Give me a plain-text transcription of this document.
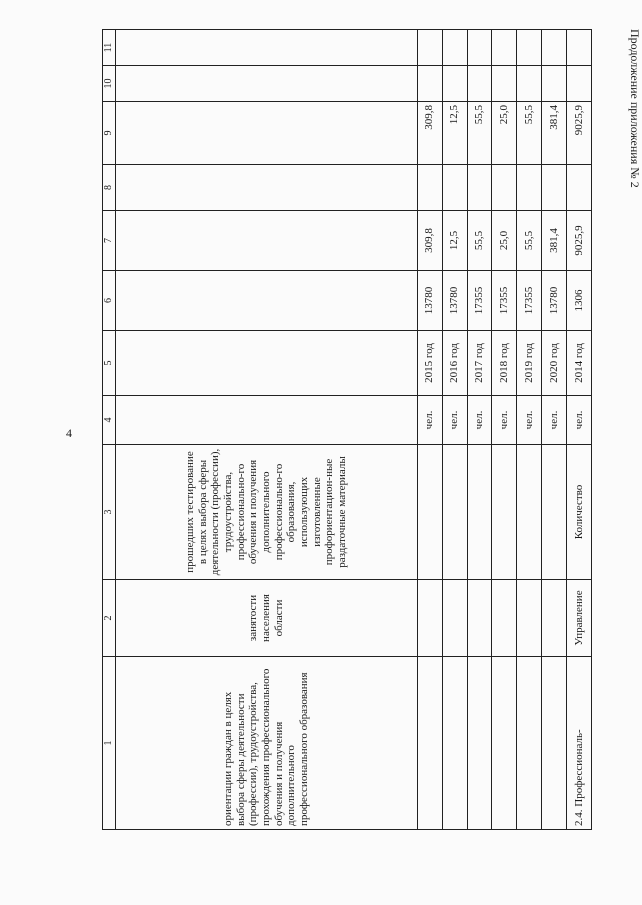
4
Продолжение приложения № 2
1	2	3	4	5	6	7	8	9	10	11
ориентации граждан в целях выбора сферы деятельности (профессии), трудоустройства, прохождения профессионального обучения и получения дополнительного профессионального образования	занятости населения области	прошедших тестирование в целях выбора сферы деятельности (профессии), трудоустройства, профессионально-го обучения и получения дополнительного профессионально-го образования, использующих изготовленные профориентацион-ные раздаточные материалы								
			чел.	2015 год	13780	309,8		309,8		
			чел.	2016 год	13780	12,5		12,5		
			чел.	2017 год	17355	55,5		55,5		
			чел.	2018 год	17355	25,0		25,0		
			чел.	2019 год	17355	55,5		55,5		
			чел.	2020 год	13780	381,4		381,4		
2.4. Профессиональ-	Управление	Количество	чел.	2014 год	1306	9025,9		9025,9		
